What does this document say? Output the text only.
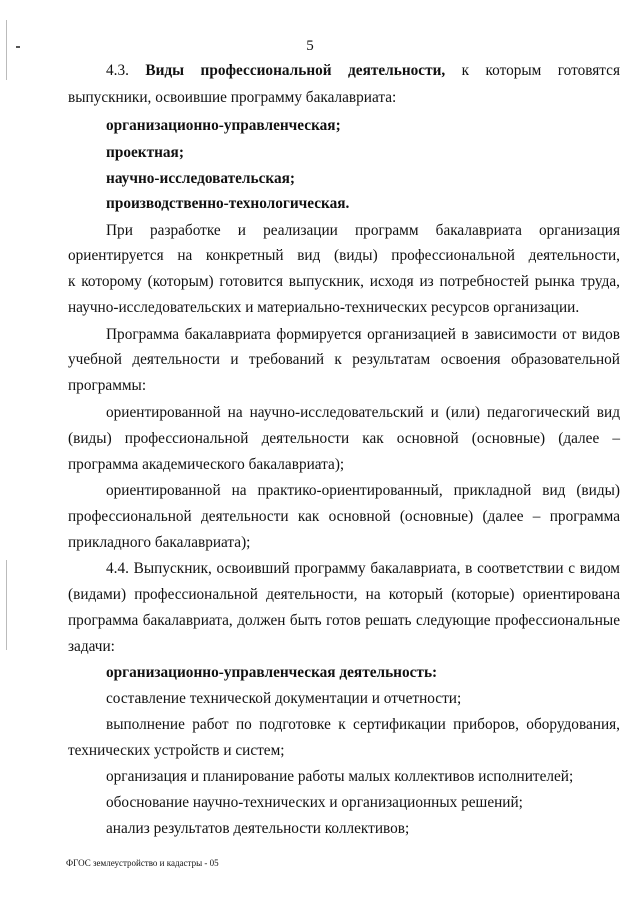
5
4.3. Виды профессиональной деятельности, к которым готовятся
выпускники, освоившие программу бакалавриата:
организационно-управленческая;
проектная;
научно-исследовательская;
производственно-технологическая.
При разработке и реализации программ бакалавриата организация
ориентируется на конкретный вид (виды) профессиональной деятельности,
к которому (которым) готовится выпускник, исходя из потребностей рынка труда,
научно-исследовательских и материально-технических ресурсов организации.
Программа бакалавриата формируется организацией в зависимости от видов
учебной деятельности и требований к результатам освоения образовательной
программы:
ориентированной на научно-исследовательский и (или) педагогический вид
(виды) профессиональной деятельности как основной (основные) (далее –
программа академического бакалавриата);
ориентированной на практико-ориентированный, прикладной вид (виды)
профессиональной деятельности как основной (основные) (далее – программа
прикладного бакалавриата);
4.4. Выпускник, освоивший программу бакалавриата, в соответствии с видом
(видами) профессиональной деятельности, на который (которые) ориентирована
программа бакалавриата, должен быть готов решать следующие профессиональные
задачи:
организационно-управленческая деятельность:
составление технической документации и отчетности;
выполнение работ по подготовке к сертификации приборов, оборудования,
технических устройств и систем;
организация и планирование работы малых коллективов исполнителей;
обоснование научно-технических и организационных решений;
анализ результатов деятельности коллективов;
ФГОС землеустройство и кадастры - 05
